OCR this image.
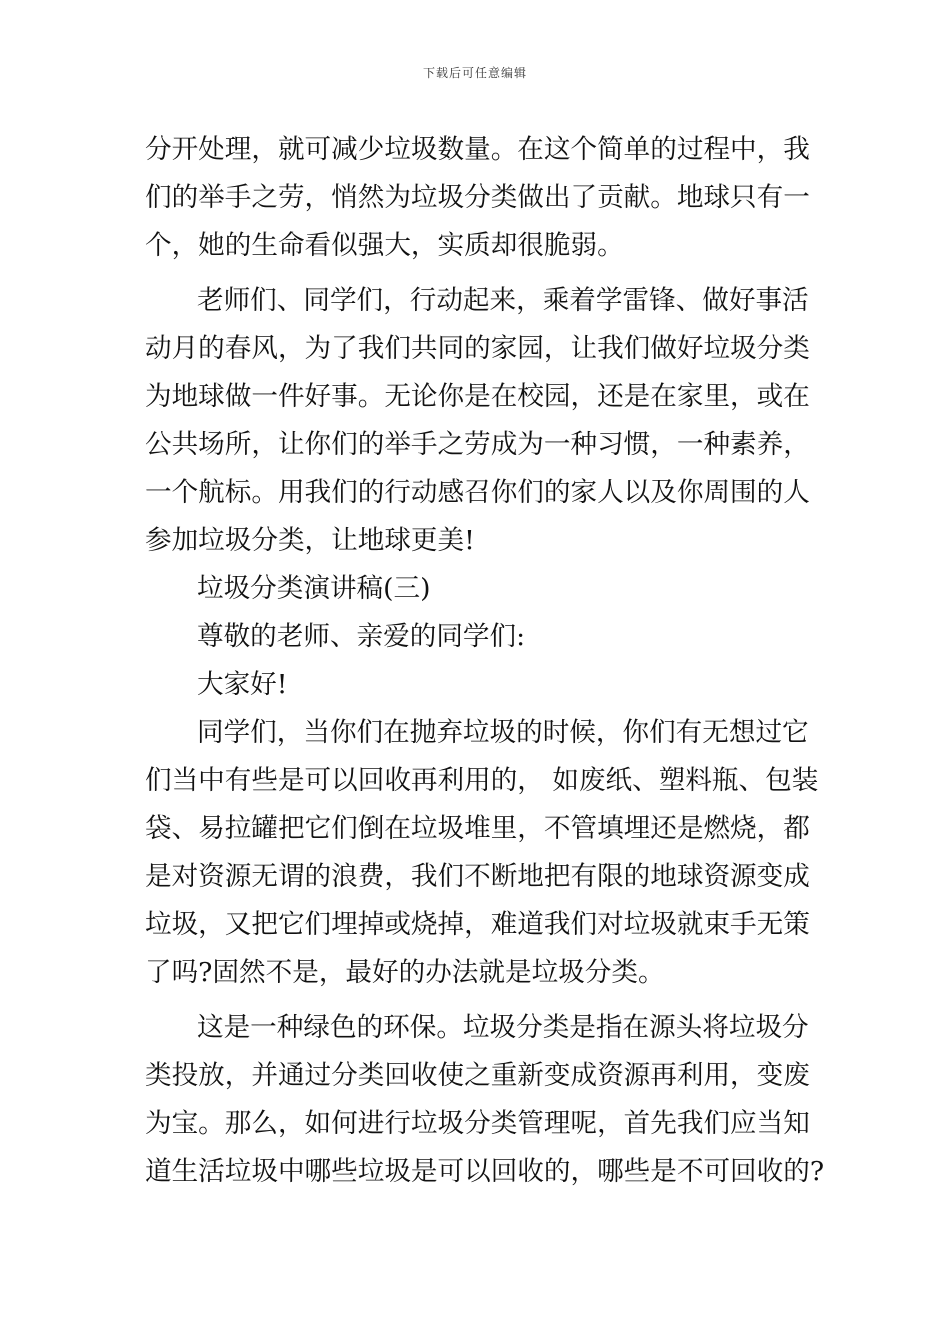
下载后可任意编辑
分开处理，就可减少垃圾数量。在这个简单的过程中，我
们的举手之劳，悄然为垃圾分类做出了贡献。地球只有一
个，她的生命看似强大，实质却很脆弱。
老师们、同学们，行动起来，乘着学雷锋、做好事活
动月的春风，为了我们共同的家园，让我们做好垃圾分类
为地球做一件好事。无论你是在校园，还是在家里，或在
公共场所，让你们的举手之劳成为一种习惯，一种素养，
一个航标。用我们的行动感召你们的家人以及你周围的人
参加垃圾分类，让地球更美!
垃圾分类演讲稿(三)
尊敬的老师、亲爱的同学们:
大家好!
同学们，当你们在抛弃垃圾的时候，你们有无想过它
们当中有些是可以回收再利用的， 如废纸、塑料瓶、包装
袋、易拉罐把它们倒在垃圾堆里，不管填埋还是燃烧，都
是对资源无谓的浪费，我们不断地把有限的地球资源变成
垃圾，又把它们埋掉或烧掉，难道我们对垃圾就束手无策
了吗?固然不是，最好的办法就是垃圾分类。
这是一种绿色的环保。垃圾分类是指在源头将垃圾分
类投放，并通过分类回收使之重新变成资源再利用，变废
为宝。那么，如何进行垃圾分类管理呢，首先我们应当知
道生活垃圾中哪些垃圾是可以回收的，哪些是不可回收的?
